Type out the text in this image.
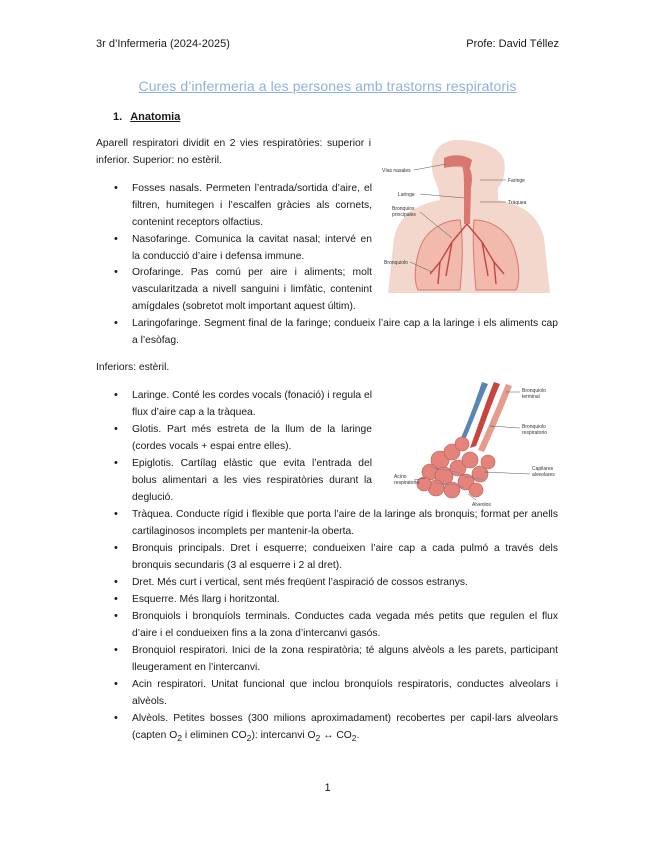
3r d’Infermeria (2024-2025)	Profe: David Téllez
Cures d’infermeria a les persones amb trastorns respiratoris
1. Anatomia
Aparell respiratori dividit en 2 vies respiratòries: superior i inferior. Superior: no estèril.
Vías nasales
Faringe
Laringe
Tráquea
Bronquios
principales
Bronquiolo
• Fosses nasals. Permeten l’entrada/sortida d’aire, el filtren, humitegen i l’escalfen gràcies als cornets, contenint receptors olfactius.
• Nasofaringe. Comunica la cavitat nasal; intervé en la conducció d’aire i defensa immune.
• Orofaringe. Pas comú per aire i aliments; molt vascularitzada a nivell sanguini i limfàtic, contenint amígdales (sobretot molt important aquest últim).
• Laringofaringe. Segment final de la faringe; condueix l’aire cap a la laringe i els aliments cap a l’esòfag.
Inferiors: estèril.
Bronquiolo
terminal
Bronquiolo
respiratorio
Capilares
alveolares
Acino
respiratorio
Alveolos
• Laringe. Conté les cordes vocals (fonació) i regula el flux d’aire cap a la tràquea.
• Glotis. Part més estreta de la llum de la laringe (cordes vocals + espai entre elles).
• Epiglotis. Cartílag elàstic que evita l’entrada del bolus alimentari a les vies respiratòries durant la deglució.
• Tràquea. Conducte rígid i flexible que porta l’aire de la laringe als bronquis; format per anells cartilaginosos incomplets per mantenir-la oberta.
• Bronquis principals. Dret i esquerre; condueixen l’aire cap a cada pulmó a través dels bronquis secundaris (3 al esquerre i 2 al dret).
• Dret. Més curt i vertical, sent més freqüent l’aspiració de cossos estranys.
• Esquerre. Més llarg i horitzontal.
• Bronquiols i bronquíols terminals. Conductes cada vegada més petits que regulen el flux d’aire i el condueixen fins a la zona d’intercanvi gasós.
• Bronquiol respiratori. Inici de la zona respiratòria; té alguns alvèols a les parets, participant lleugerament en l’intercanvi.
• Acin respiratori. Unitat funcional que inclou bronquíols respiratoris, conductes alveolars i alvèols.
• Alvèols. Petites bosses (300 milions aproximadament) recobertes per capil·lars alveolars (capten $O_2$ i eliminen $CO_2$): intercanvi $O_2$ ↔ $CO_2$.
1
